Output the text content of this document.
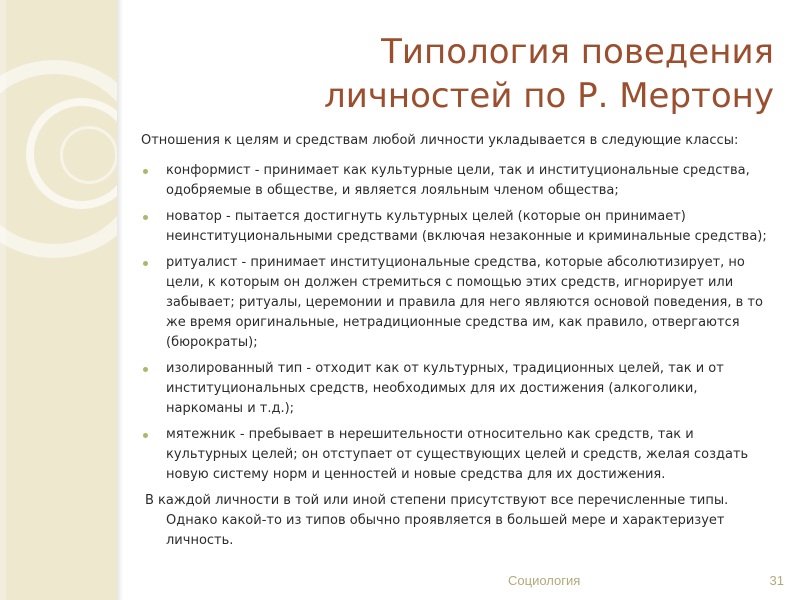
Типология поведения
личностей по Р. Мертону

Отношения к целям и средствам любой личности укладывается в следующие классы:

конформист - принимает как культурные цели, так и институциональные средства, одобряемые в обществе, и является лояльным членом общества;
новатор - пытается достигнуть культурных целей (которые он принимает) неинституциональными средствами (включая незаконные и криминальные средства);
ритуалист - принимает институциональные средства, которые абсолютизирует, но цели, к которым он должен стремиться с помощью этих средств, игнорирует или забывает; ритуалы, церемонии и правила для него являются основой поведения, в то же время оригинальные, нетрадиционные средства им, как правило, отвергаются (бюрократы);
изолированный тип - отходит как от культурных, традиционных целей, так и от институциональных средств, необходимых для их достижения (алкоголики, наркоманы и т.д.);
мятежник - пребывает в нерешительности относительно как средств, так и культурных целей; он отступает от существующих целей и средств, желая создать новую систему норм и ценностей и новые средства для их достижения.

В каждой личности в той или иной степени присутствуют все перечисленные типы. Однако какой-то из типов обычно проявляется в большей мере и характеризует личность.

Социология	31
